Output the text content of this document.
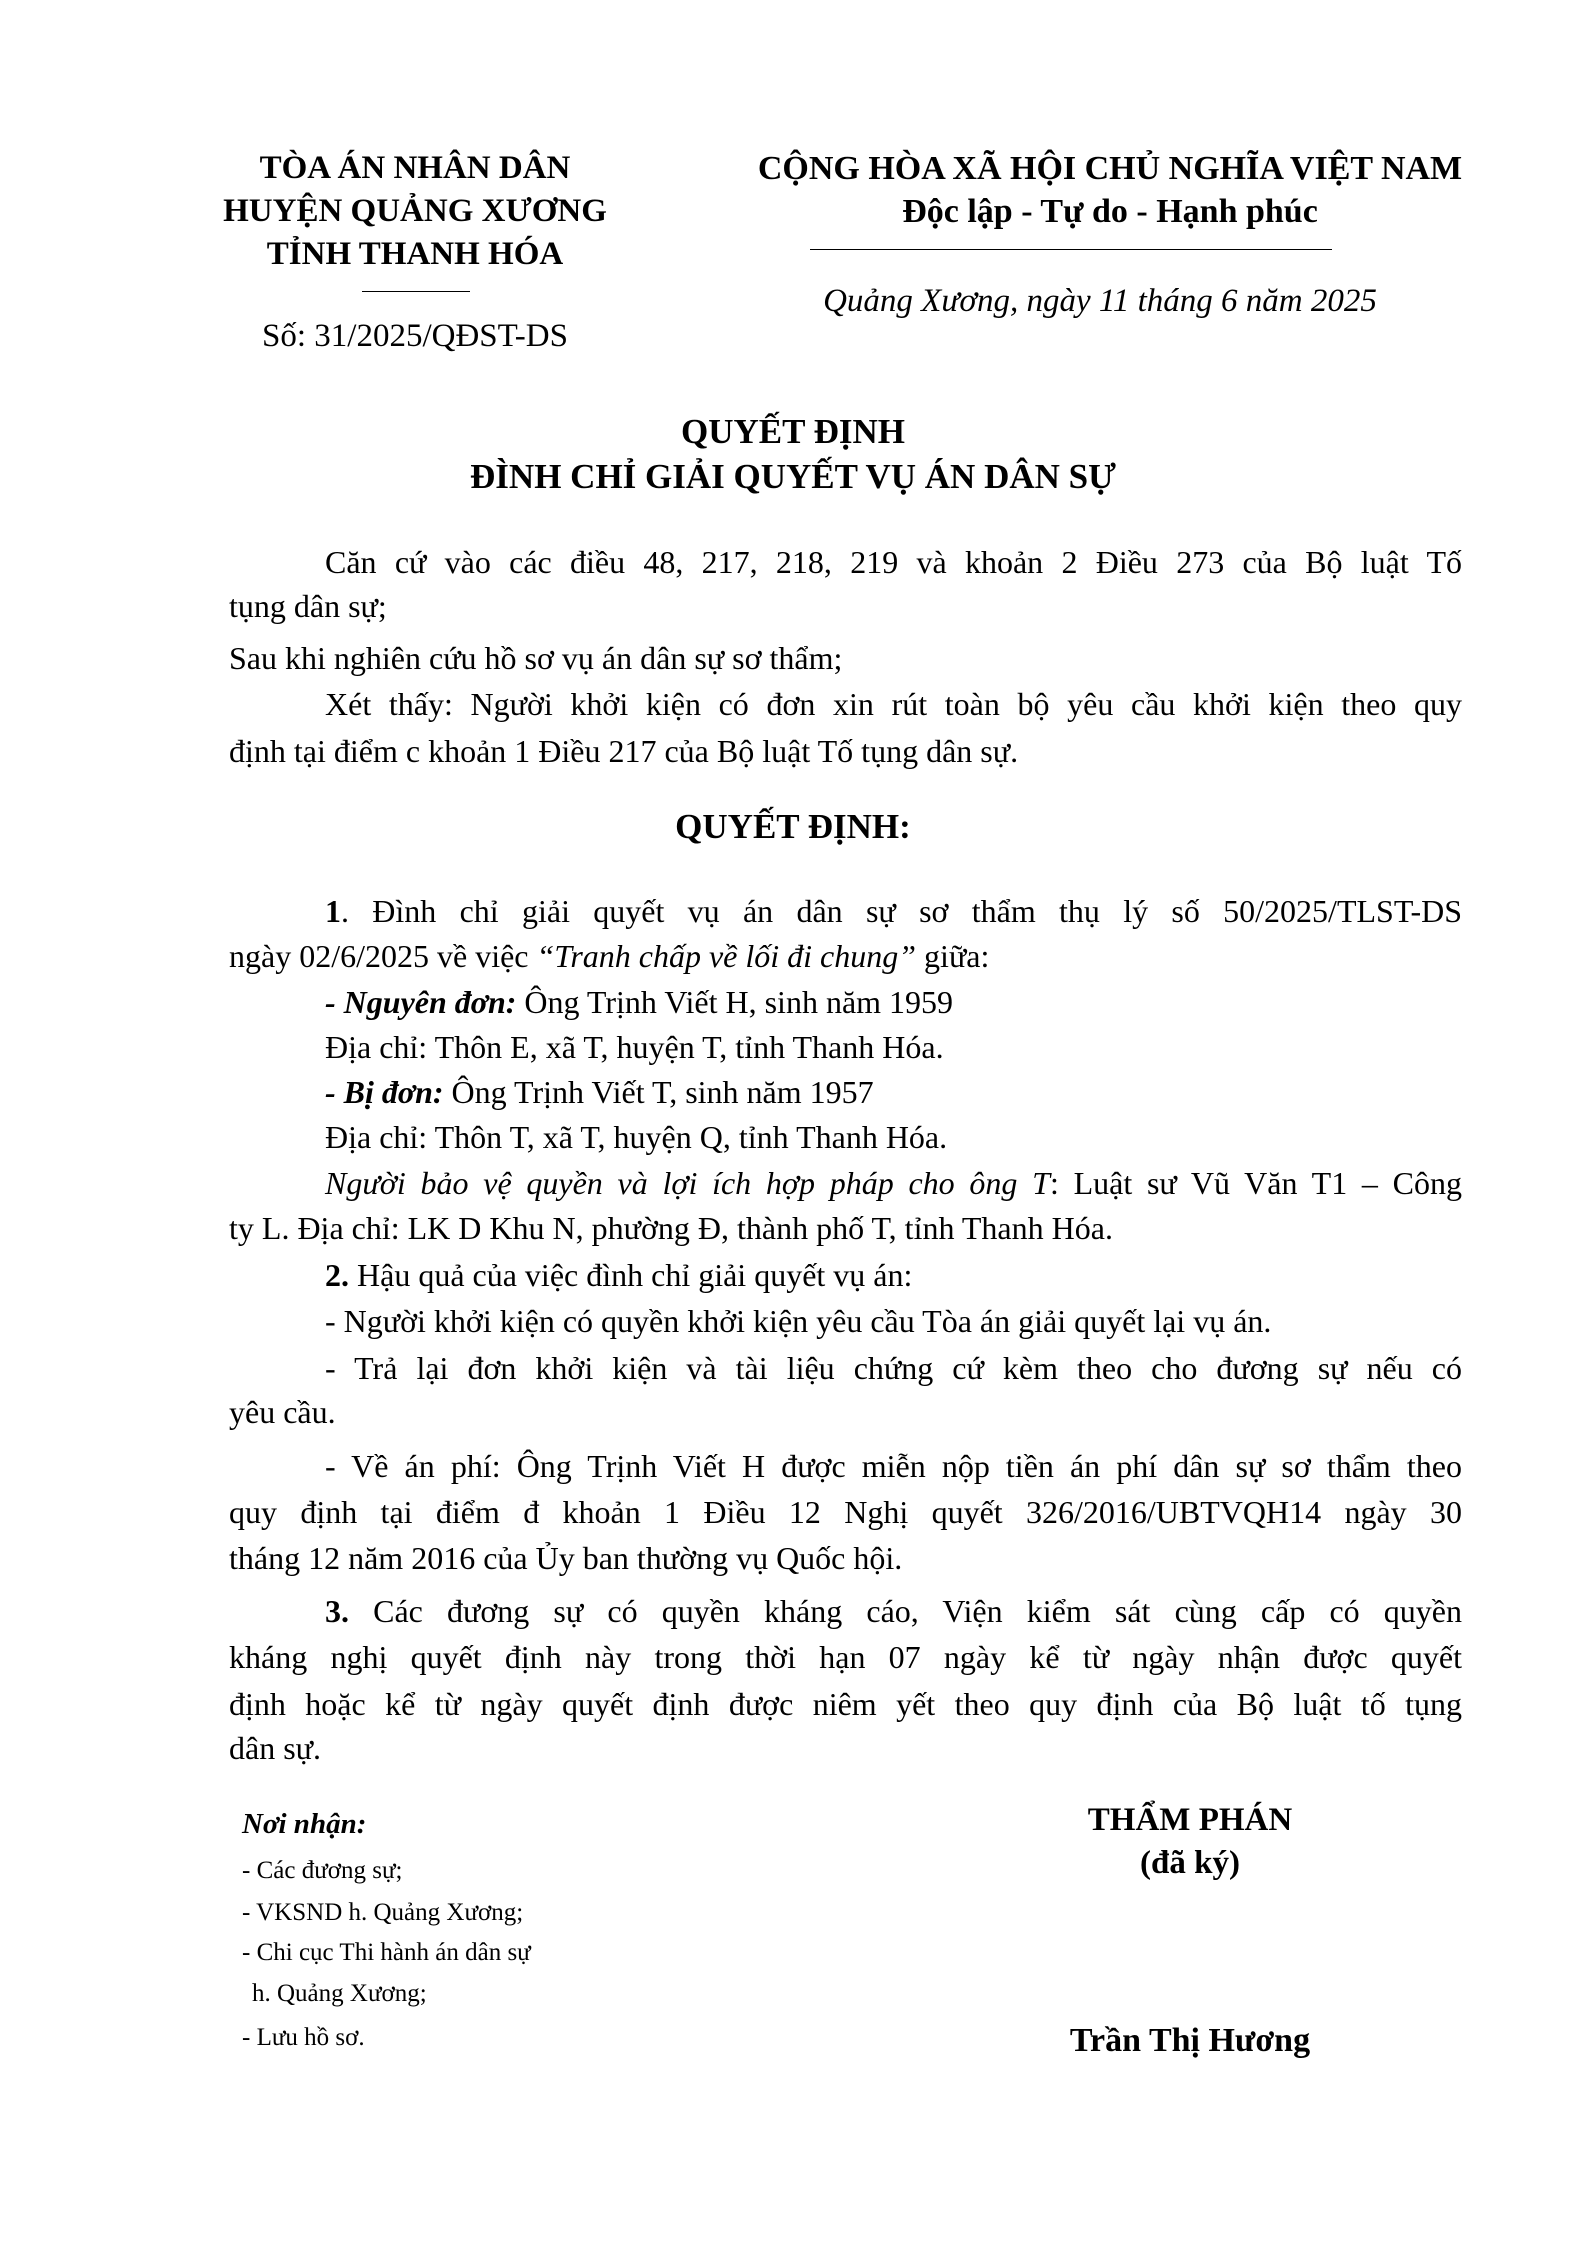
TÒA ÁN NHÂN DÂN
HUYỆN QUẢNG XƯƠNG
TỈNH THANH HÓA
Số: 31/2025/QĐST-DS
CỘNG HÒA XÃ HỘI CHỦ NGHĨA VIỆT NAM
Độc lập - Tự do - Hạnh phúc
Quảng Xương, ngày 11 tháng 6 năm 2025
QUYẾT ĐỊNH
ĐÌNH CHỈ GIẢI QUYẾT VỤ ÁN DÂN SỰ
Căn cứ vào các điều 48, 217, 218, 219 và khoản 2 Điều 273 của Bộ luật Tố
tụng dân sự;
Sau khi nghiên cứu hồ sơ vụ án dân sự sơ thẩm;
Xét thấy: Người khởi kiện có đơn xin rút toàn bộ yêu cầu khởi kiện theo quy
định tại điểm c khoản 1 Điều 217 của Bộ luật Tố tụng dân sự.
QUYẾT ĐỊNH:
1. Đình chỉ giải quyết vụ án dân sự sơ thẩm thụ lý số 50/2025/TLST-DS
ngày 02/6/2025 về việc “Tranh chấp về lối đi chung” giữa:
- Nguyên đơn: Ông Trịnh Viết H, sinh năm 1959
Địa chỉ: Thôn E, xã T, huyện T, tỉnh Thanh Hóa.
- Bị đơn: Ông Trịnh Viết T, sinh năm 1957
Địa chỉ: Thôn T, xã T, huyện Q, tỉnh Thanh Hóa.
Người bảo vệ quyền và lợi ích hợp pháp cho ông T: Luật sư Vũ Văn T1 – Công
ty L. Địa chỉ: LK D Khu N, phường Đ, thành phố T, tỉnh Thanh Hóa.
2. Hậu quả của việc đình chỉ giải quyết vụ án:
- Người khởi kiện có quyền khởi kiện yêu cầu Tòa án giải quyết lại vụ án.
- Trả lại đơn khởi kiện và tài liệu chứng cứ kèm theo cho đương sự nếu có
yêu cầu.
- Về án phí: Ông Trịnh Viết H được miễn nộp tiền án phí dân sự sơ thẩm theo
quy định tại điểm đ khoản 1 Điều 12 Nghị quyết 326/2016/UBTVQH14 ngày 30
tháng 12 năm 2016 của Ủy ban thường vụ Quốc hội.
3. Các đương sự có quyền kháng cáo, Viện kiểm sát cùng cấp có quyền
kháng nghị quyết định này trong thời hạn 07 ngày kể từ ngày nhận được quyết
định hoặc kể từ ngày quyết định được niêm yết theo quy định của Bộ luật tố tụng
dân sự.
Nơi nhận:
- Các đương sự;
- VKSND h. Quảng Xương;
- Chi cục Thi hành án dân sự
h. Quảng Xương;
- Lưu hồ sơ.
THẨM PHÁN
(đã ký)
Trần Thị Hương
